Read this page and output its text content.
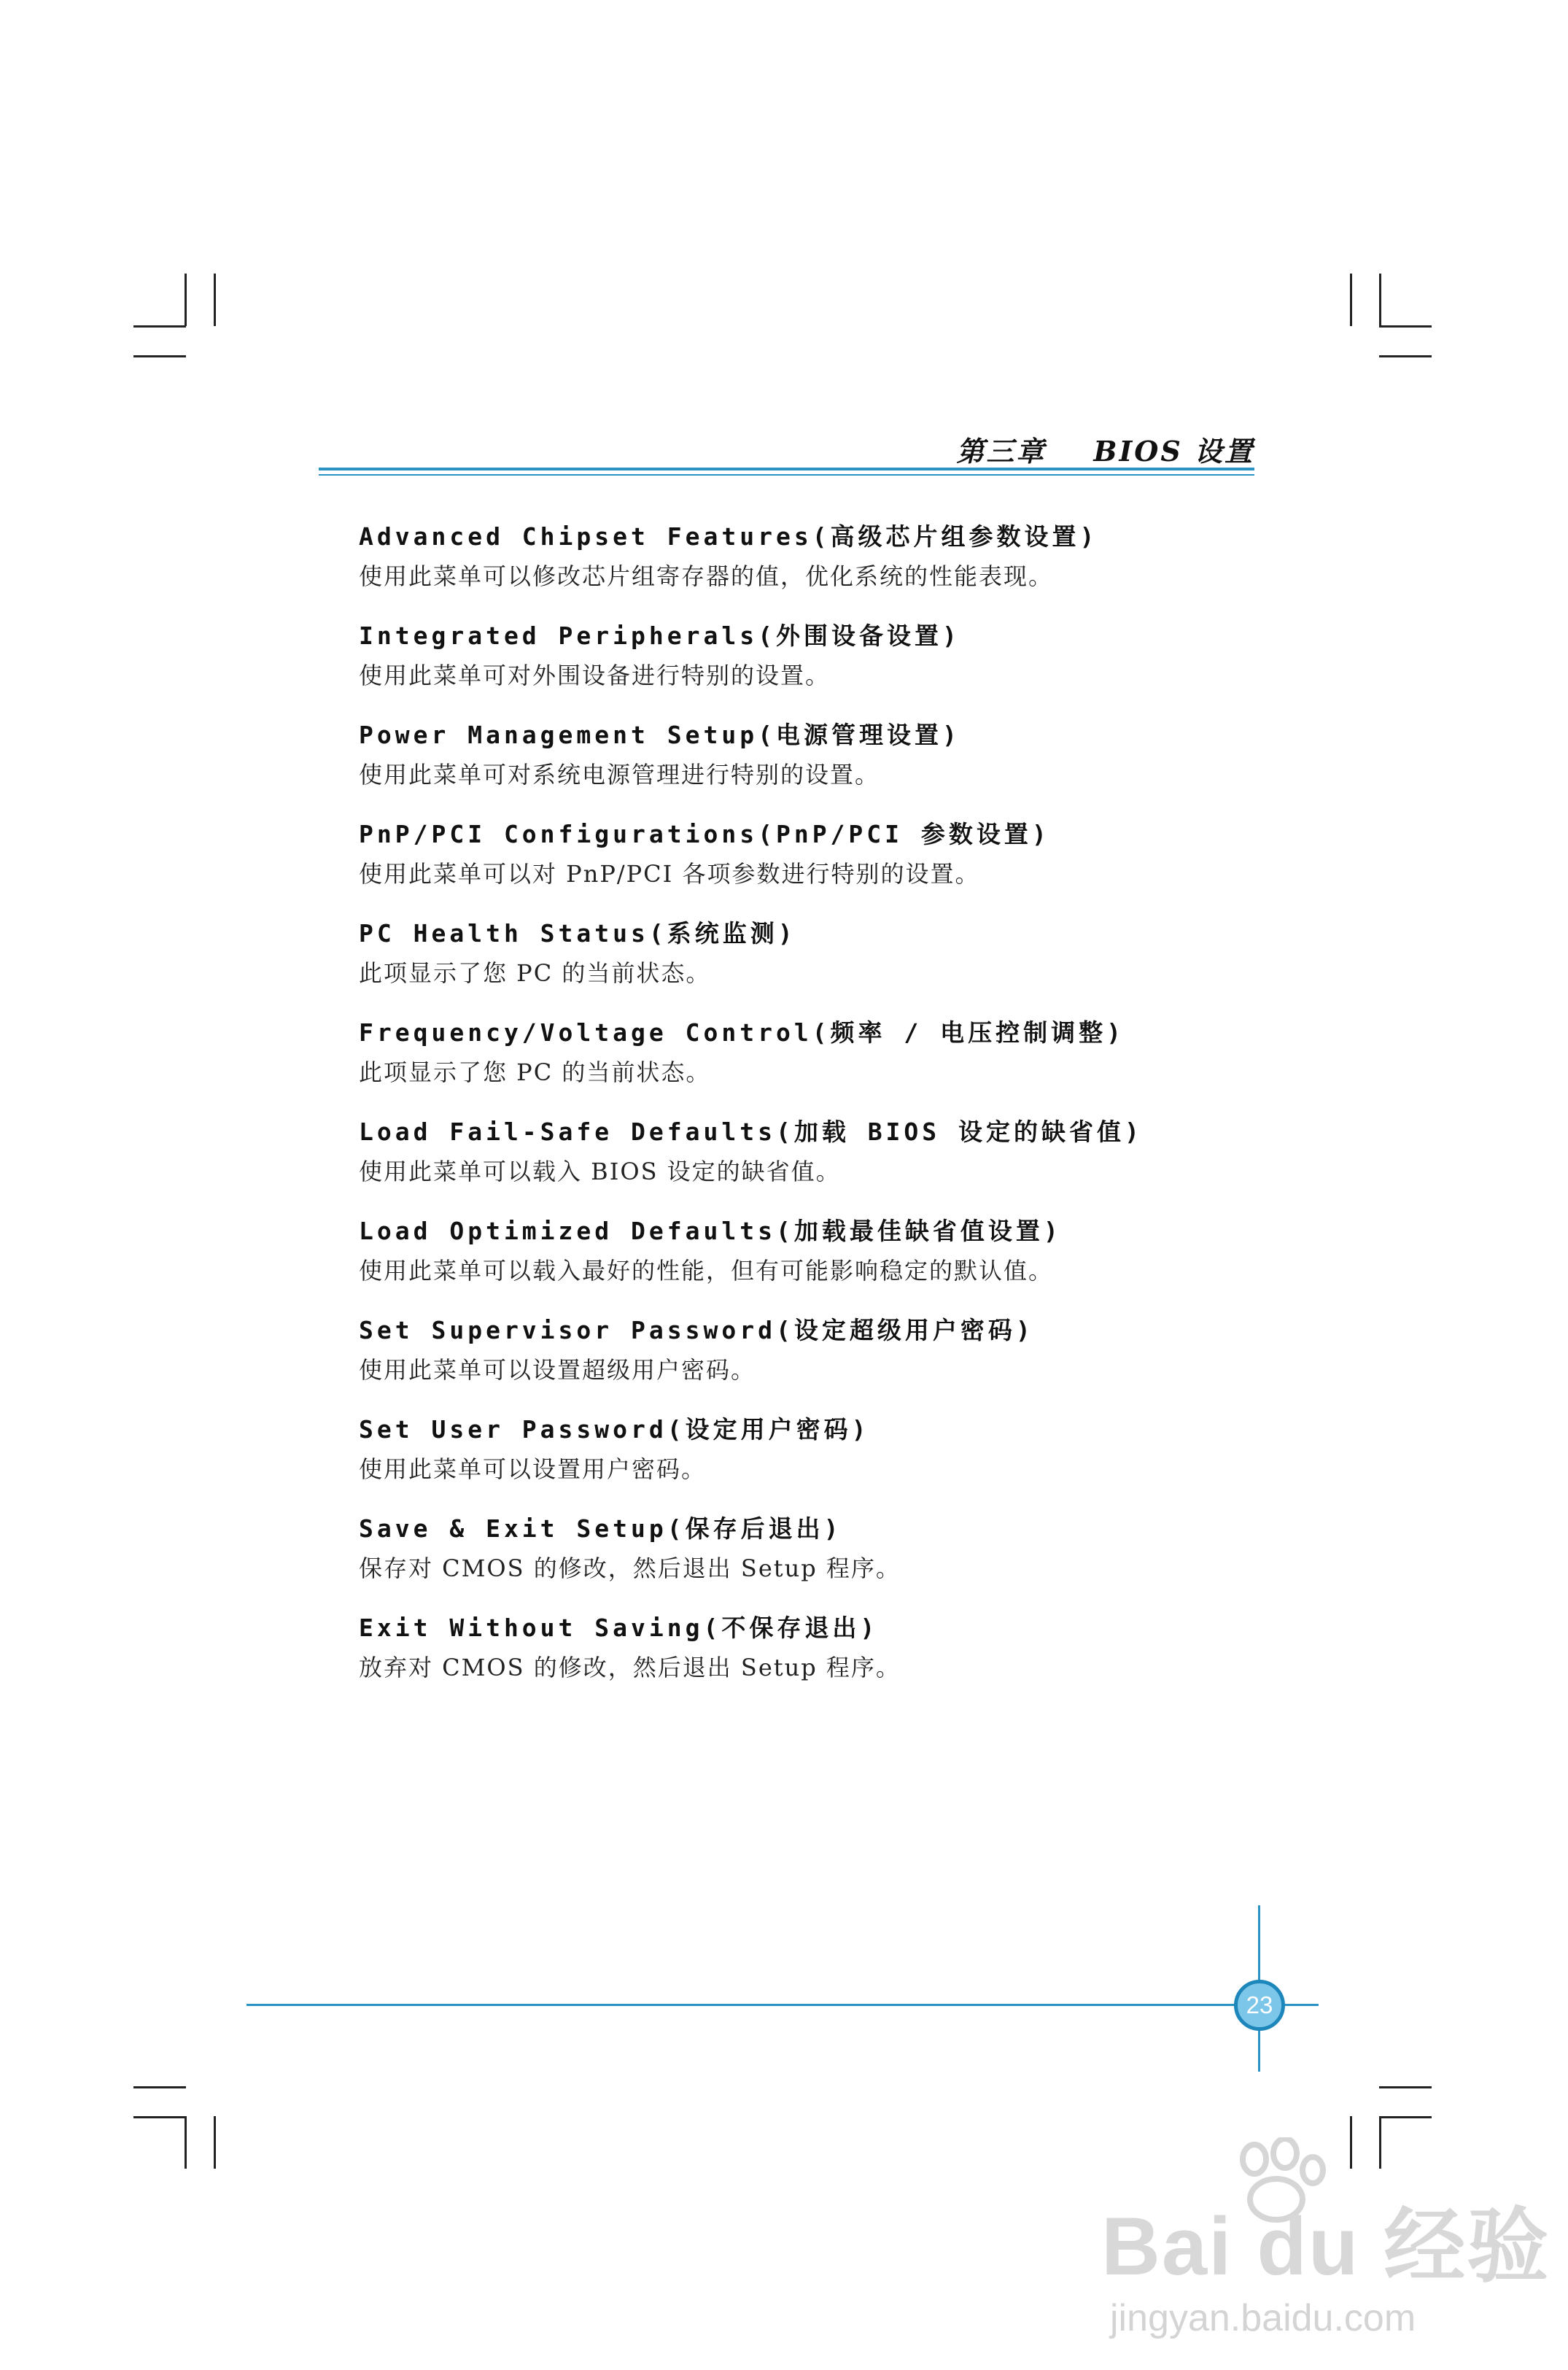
第三章    BIOS 设置
Advanced Chipset Features(高级芯片组参数设置)
使用此菜单可以修改芯片组寄存器的值，优化系统的性能表现。
Integrated Peripherals(外围设备设置)
使用此菜单可对外围设备进行特别的设置。
Power Management Setup(电源管理设置)
使用此菜单可对系统电源管理进行特别的设置。
PnP/PCI Configurations(PnP/PCI 参数设置)
使用此菜单可以对 PnP/PCI 各项参数进行特别的设置。
PC Health Status(系统监测)
此项显示了您 PC 的当前状态。
Frequency/Voltage Control(频率 / 电压控制调整)
此项显示了您 PC 的当前状态。
Load Fail-Safe Defaults(加载 BIOS 设定的缺省值)
使用此菜单可以载入 BIOS 设定的缺省值。
Load Optimized Defaults(加载最佳缺省值设置)
使用此菜单可以载入最好的性能，但有可能影响稳定的默认值。
Set Supervisor Password(设定超级用户密码)
使用此菜单可以设置超级用户密码。
Set User Password(设定用户密码)
使用此菜单可以设置用户密码。
Save & Exit Setup(保存后退出)
保存对 CMOS 的修改，然后退出 Setup 程序。
Exit Without Saving(不保存退出)
放弃对 CMOS 的修改，然后退出 Setup 程序。
23
Bai du 经验
jingyan.baidu.com
